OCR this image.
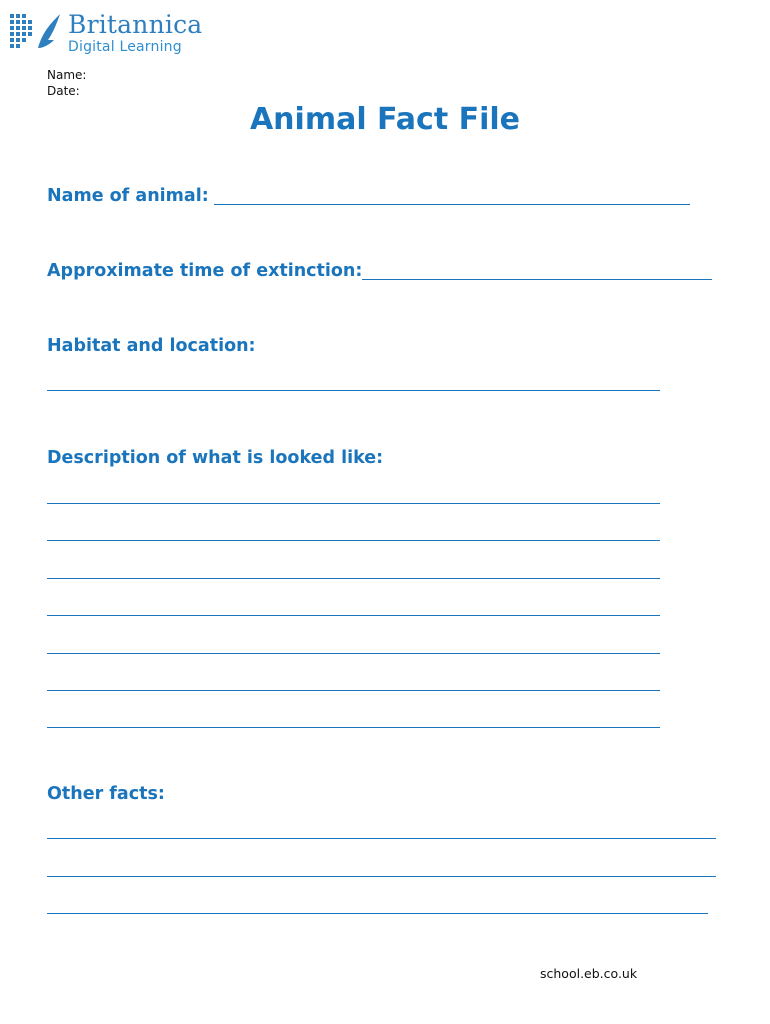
Britannica
Digital Learning
Name:
Date:
Animal Fact File
Name of animal:
Approximate time of extinction:
Habitat and location:
Description of what is looked like:
Other facts:
school.eb.co.uk
